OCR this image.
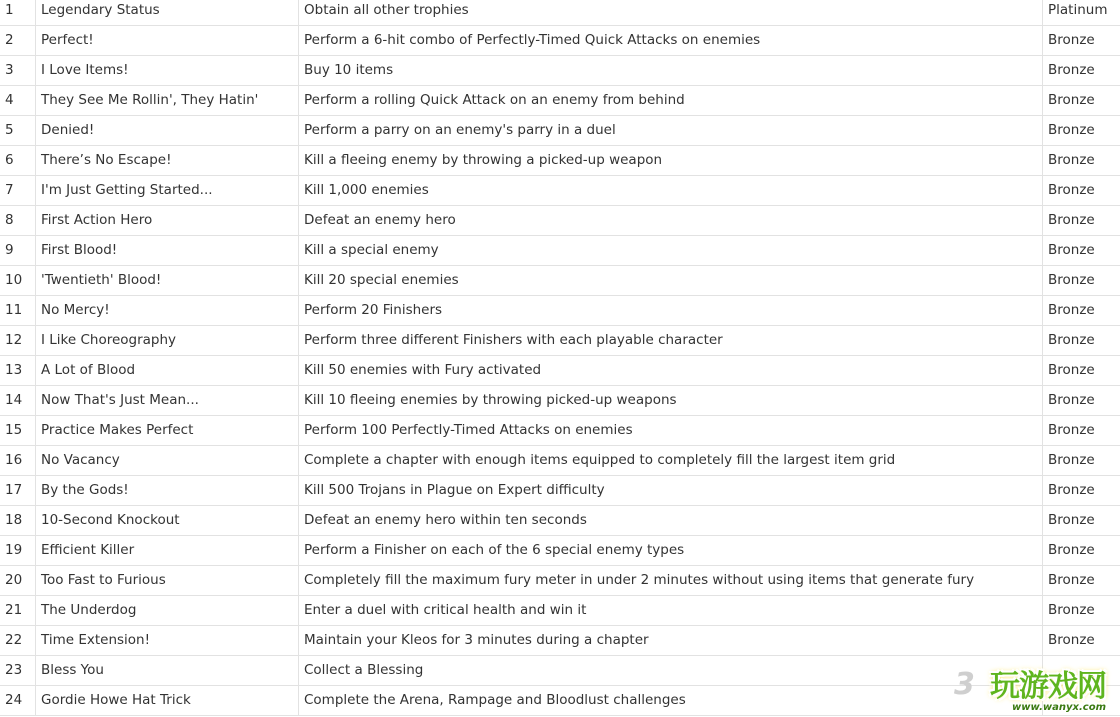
1	Legendary Status	Obtain all other trophies	Platinum
2	Perfect!	Perform a 6-hit combo of Perfectly-Timed Quick Attacks on enemies	Bronze
3	I Love Items!	Buy 10 items	Bronze
4	They See Me Rollin', They Hatin'	Perform a rolling Quick Attack on an enemy from behind	Bronze
5	Denied!	Perform a parry on an enemy's parry in a duel	Bronze
6	There’s No Escape!	Kill a fleeing enemy by throwing a picked-up weapon	Bronze
7	I'm Just Getting Started...	Kill 1,000 enemies	Bronze
8	First Action Hero	Defeat an enemy hero	Bronze
9	First Blood!	Kill a special enemy	Bronze
10	'Twentieth' Blood!	Kill 20 special enemies	Bronze
11	No Mercy!	Perform 20 Finishers	Bronze
12	I Like Choreography	Perform three different Finishers with each playable character	Bronze
13	A Lot of Blood	Kill 50 enemies with Fury activated	Bronze
14	Now That's Just Mean...	Kill 10 fleeing enemies by throwing picked-up weapons	Bronze
15	Practice Makes Perfect	Perform 100 Perfectly-Timed Attacks on enemies	Bronze
16	No Vacancy	Complete a chapter with enough items equipped to completely fill the largest item grid	Bronze
17	By the Gods!	Kill 500 Trojans in Plague on Expert difficulty	Bronze
18	10-Second Knockout	Defeat an enemy hero within ten seconds	Bronze
19	Efficient Killer	Perform a Finisher on each of the 6 special enemy types	Bronze
20	Too Fast to Furious	Completely fill the maximum fury meter in under 2 minutes without using items that generate fury	Bronze
21	The Underdog	Enter a duel with critical health and win it	Bronze
22	Time Extension!	Maintain your Kleos for 3 minutes during a chapter	Bronze
23	Bless You	Collect a Blessing	
24	Gordie Howe Hat Trick	Complete the Arena, Rampage and Bloodlust challenges		3 玩游戏网
www.wanyx.com
